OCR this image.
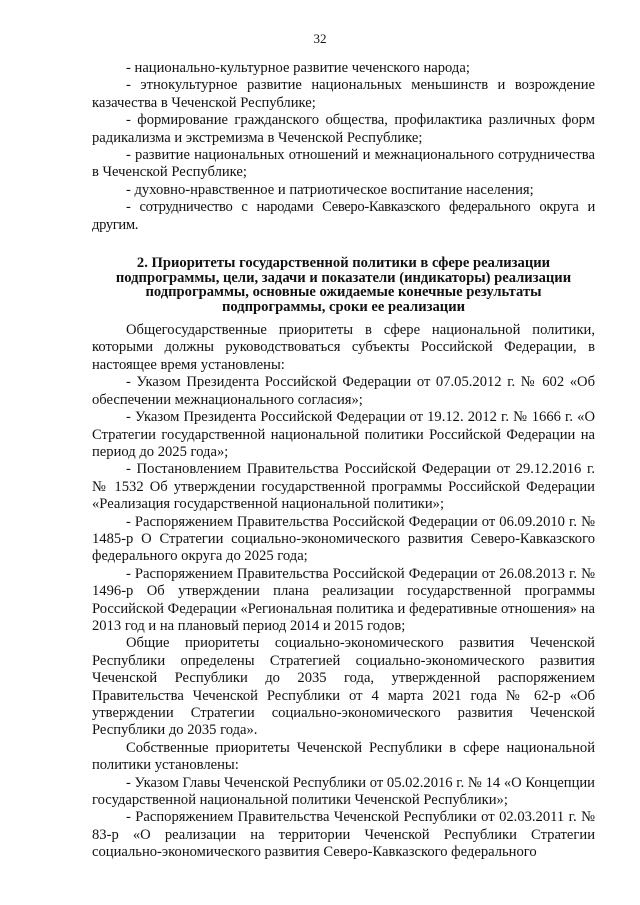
32

- национально-культурное развитие чеченского народа;

- этнокультурное развитие национальных меньшинств и возрождение казачества в Чеченской Республике;

- формирование гражданского общества, профилактика различных форм радикализма и экстремизма в Чеченской Республике;

- развитие национальных отношений и межнационального сотрудничества в Чеченской Республике;

- духовно-нравственное и патриотическое воспитание населения;

- сотрудничество с народами Северо-Кавказского федерального округа и другим.

2. Приоритеты государственной политики в сфере реализации подпрограммы, цели, задачи и показатели (индикаторы) реализации подпрограммы, основные ожидаемые конечные результаты подпрограммы, сроки ее реализации

Общегосударственные приоритеты в сфере национальной политики, которыми должны руководствоваться субъекты Российской Федерации, в настоящее время установлены:

- Указом Президента Российской Федерации от 07.05.2012 г. № 602 «Об обеспечении межнационального согласия»;

- Указом Президента Российской Федерации от 19.12. 2012 г. № 1666 г. «О Стратегии государственной национальной политики Российской Федерации на период до 2025 года»;

- Постановлением Правительства Российской Федерации от 29.12.2016 г. № 1532 Об утверждении государственной программы Российской Федерации «Реализация государственной национальной политики»;

- Распоряжением Правительства Российской Федерации от 06.09.2010 г. № 1485-р О Стратегии социально-экономического развития Северо-Кавказского федерального округа до 2025 года;

- Распоряжением Правительства Российской Федерации от 26.08.2013 г. № 1496-р Об утверждении плана реализации государственной программы Российской Федерации «Региональная политика и федеративные отношения» на 2013 год и на плановый период 2014 и 2015 годов;

Общие приоритеты социально-экономического развития Чеченской Республики определены Стратегией социально-экономического развития Чеченской Республики до 2035 года, утвержденной распоряжением Правительства Чеченской Республики от 4 марта 2021 года № 62-р «Об утверждении Стратегии социально-экономического развития Чеченской Республики до 2035 года».

Собственные приоритеты Чеченской Республики в сфере национальной политики установлены:

- Указом Главы Чеченской Республики от 05.02.2016 г. № 14 «О Концепции государственной национальной политики Чеченской Республики»;

- Распоряжением Правительства Чеченской Республики от 02.03.2011 г. № 83-р «О реализации на территории Чеченской Республики Стратегии социально-экономического развития Северо-Кавказского федерального
